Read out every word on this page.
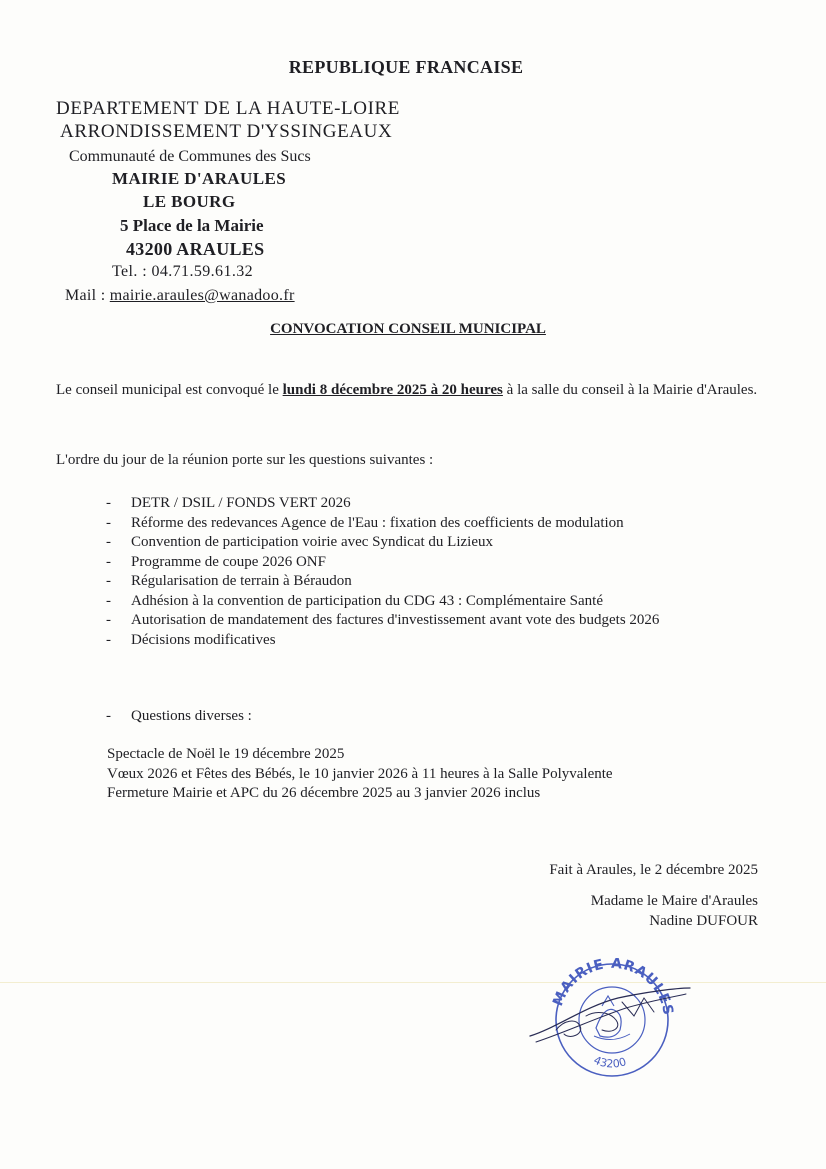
REPUBLIQUE FRANCAISE
DEPARTEMENT DE LA HAUTE-LOIRE
ARRONDISSEMENT D'YSSINGEAUX
Communauté de Communes des Sucs
MAIRIE D'ARAULES
LE BOURG
5 Place de la Mairie
43200 ARAULES
Tel. : 04.71.59.61.32
Mail : mairie.araules@wanadoo.fr
CONVOCATION CONSEIL MUNICIPAL
Le conseil municipal est convoqué le lundi 8 décembre 2025 à 20 heures à la salle du conseil à la Mairie d'Araules.
L'ordre du jour de la réunion porte sur les questions suivantes :
- DETR / DSIL / FONDS VERT 2026
- Réforme des redevances Agence de l'Eau : fixation des coefficients de modulation
- Convention de participation voirie avec Syndicat du Lizieux
- Programme de coupe 2026 ONF
- Régularisation de terrain à Béraudon
- Adhésion à la convention de participation du CDG 43 : Complémentaire Santé
- Autorisation de mandatement des factures d'investissement avant vote des budgets 2026
- Décisions modificatives
- Questions diverses :
Spectacle de Noël le 19 décembre 2025
Vœux 2026 et Fêtes des Bébés, le 10 janvier 2026 à 11 heures à la Salle Polyvalente
Fermeture Mairie et APC du 26 décembre 2025 au 3 janvier 2026 inclus
Fait à Araules, le 2 décembre 2025
Madame le Maire d'Araules
Nadine DUFOUR
MAIRIE ARAULES
43200
